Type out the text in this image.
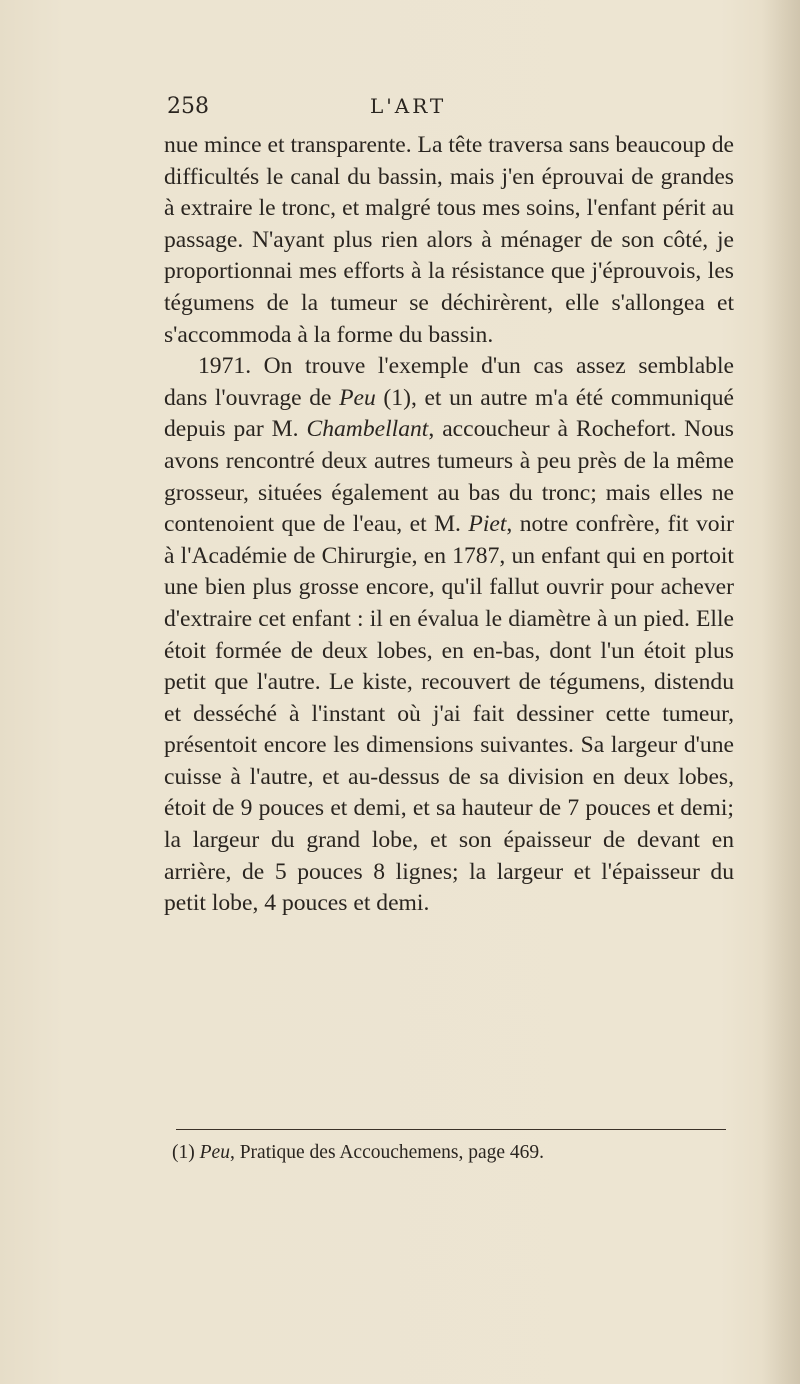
258	L'ART

nue mince et transparente. La tête traversa sans beaucoup de difficultés le canal du bassin, mais j'en éprouvai de grandes à extraire le tronc, et malgré tous mes soins, l'enfant périt au passage. N'ayant plus rien alors à ménager de son côté, je proportionnai mes efforts à la résistance que j'éprouvois, les tégumens de la tumeur se déchirèrent, elle s'allongea et s'accommoda à la forme du bassin.

1971. On trouve l'exemple d'un cas assez semblable dans l'ouvrage de Peu (1), et un autre m'a été communiqué depuis par M. Chambellant, accoucheur à Rochefort. Nous avons rencontré deux autres tumeurs à peu près de la même grosseur, situées également au bas du tronc; mais elles ne contenoient que de l'eau, et M. Piet, notre confrère, fit voir à l'Académie de Chirurgie, en 1787, un enfant qui en portoit une bien plus grosse encore, qu'il fallut ouvrir pour achever d'extraire cet enfant : il en évalua le diamètre à un pied. Elle étoit formée de deux lobes, en en-bas, dont l'un étoit plus petit que l'autre. Le kiste, recouvert de tégumens, distendu et desséché à l'instant où j'ai fait dessiner cette tumeur, présentoit encore les dimensions suivantes. Sa largeur d'une cuisse à l'autre, et au-dessus de sa division en deux lobes, étoit de 9 pouces et demi, et sa hauteur de 7 pouces et demi; la largeur du grand lobe, et son épaisseur de devant en arrière, de 5 pouces 8 lignes; la largeur et l'épaisseur du petit lobe, 4 pouces et demi.

(1) Peu, Pratique des Accouchemens, page 469.
